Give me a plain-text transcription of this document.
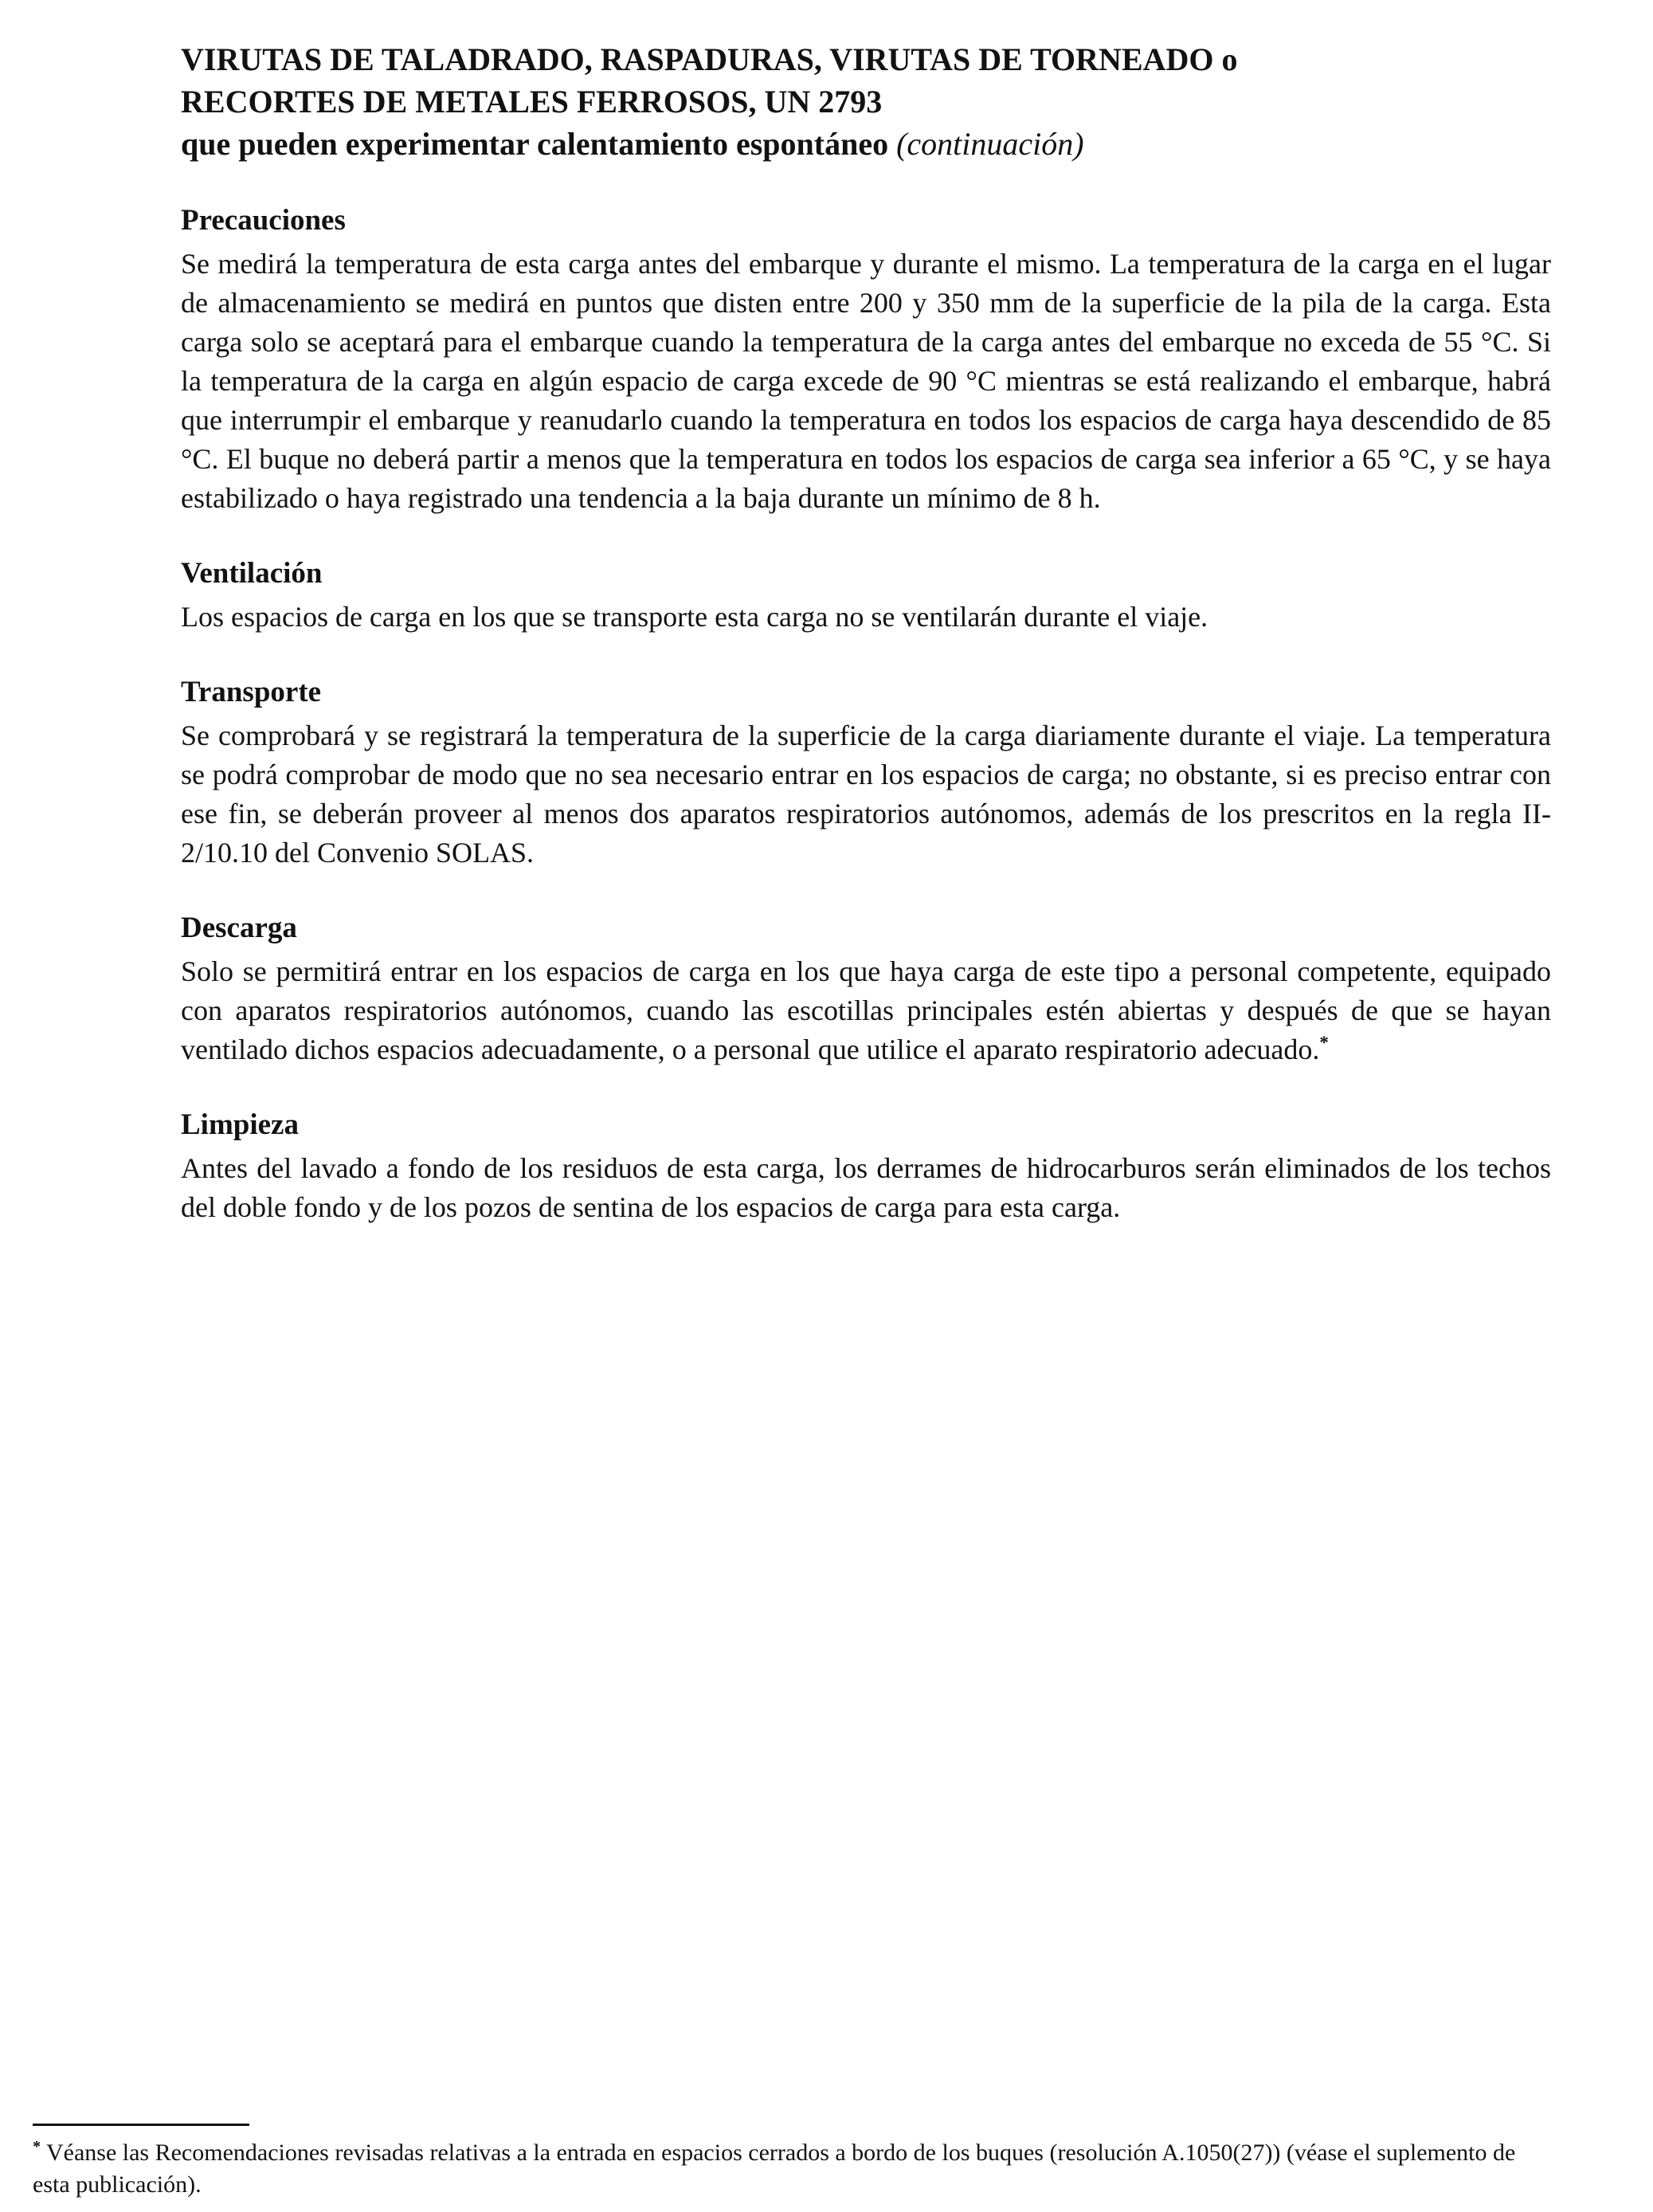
VIRUTAS DE TALADRADO, RASPADURAS, VIRUTAS DE TORNEADO o
RECORTES DE METALES FERROSOS, UN 2793
que pueden experimentar calentamiento espontáneo (continuación)
Precauciones

Se medirá la temperatura de esta carga antes del embarque y durante el mismo. La temperatura de la carga en el lugar de almacenamiento se medirá en puntos que disten entre 200 y 350 mm de la superficie de la pila de la carga. Esta carga solo se aceptará para el embarque cuando la temperatura de la carga antes del embarque no exceda de 55 °C. Si la temperatura de la carga en algún espacio de carga excede de 90 °C mientras se está realizando el embarque, habrá que interrumpir el embarque y reanudarlo cuando la temperatura en todos los espacios de carga haya descendido de 85 °C. El buque no deberá partir a menos que la temperatura en todos los espacios de carga sea inferior a 65 °C, y se haya estabilizado o haya registrado una tendencia a la baja durante un mínimo de 8 h.

Ventilación

Los espacios de carga en los que se transporte esta carga no se ventilarán durante el viaje.

Transporte

Se comprobará y se registrará la temperatura de la superficie de la carga diariamente durante el viaje. La temperatura se podrá comprobar de modo que no sea necesario entrar en los espacios de carga; no obstante, si es preciso entrar con ese fin, se deberán proveer al menos dos aparatos respiratorios autónomos, además de los prescritos en la regla II-2/10.10 del Convenio SOLAS.

Descarga

Solo se permitirá entrar en los espacios de carga en los que haya carga de este tipo a personal competente, equipado con aparatos respiratorios autónomos, cuando las escotillas principales estén abiertas y después de que se hayan ventilado dichos espacios adecuadamente, o a personal que utilice el aparato respiratorio adecuado.*

Limpieza

Antes del lavado a fondo de los residuos de esta carga, los derrames de hidrocarburos serán eliminados de los techos del doble fondo y de los pozos de sentina de los espacios de carga para esta carga.

* Véanse las Recomendaciones revisadas relativas a la entrada en espacios cerrados a bordo de los buques (resolución A.1050(27)) (véase el suplemento de esta publicación).
